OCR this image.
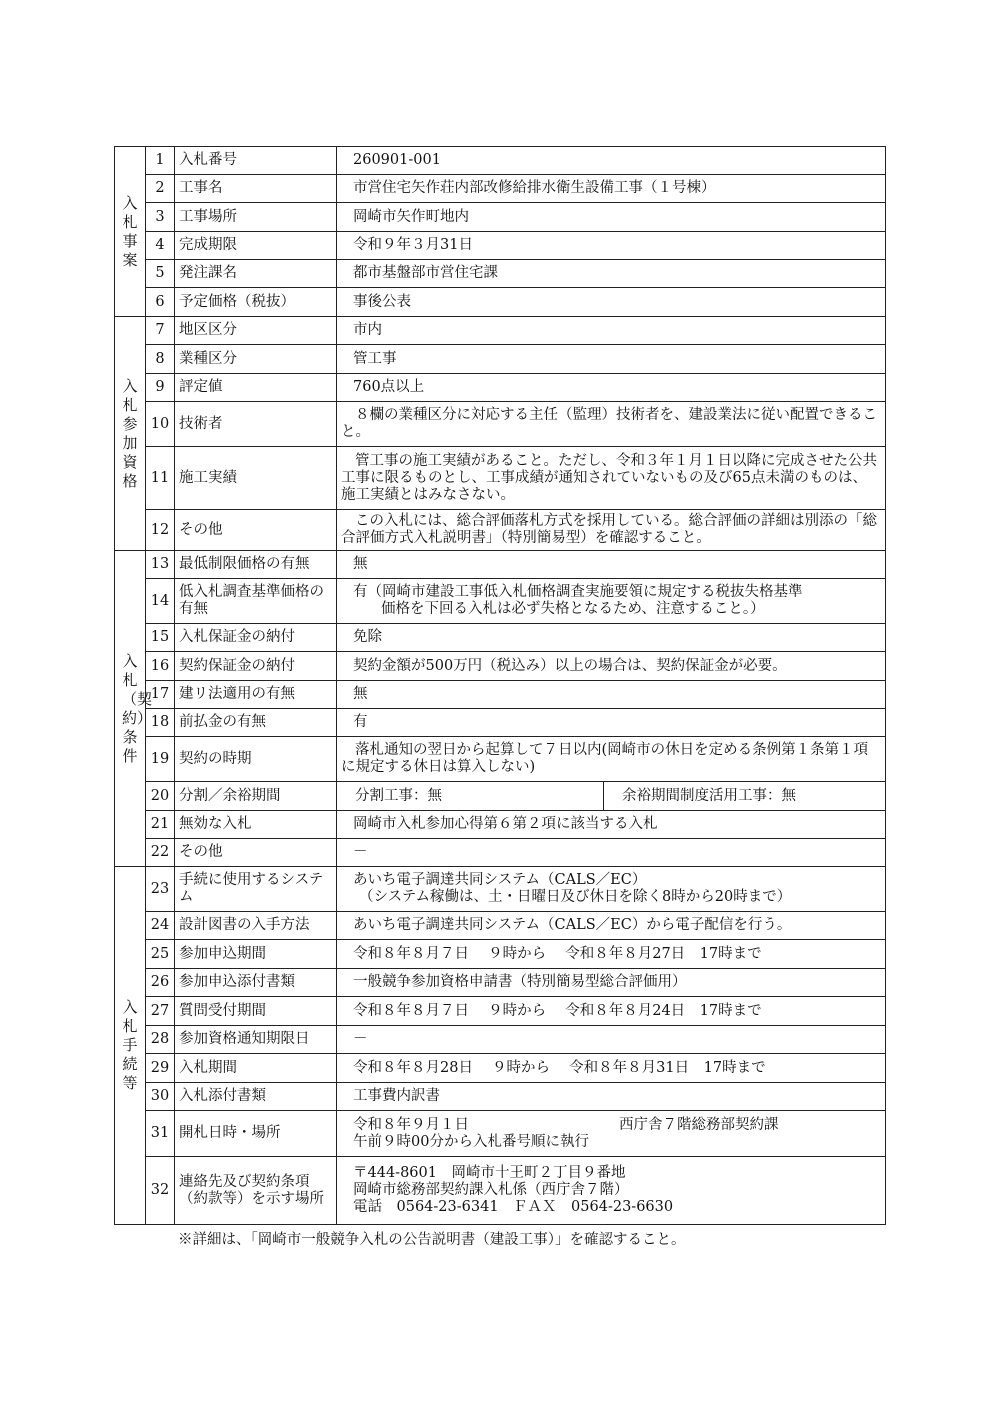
入札事案	1	入札番号	260901-001
	2	工事名	市営住宅矢作荘内部改修給排水衛生設備工事（１号棟）
	3	工事場所	岡崎市矢作町地内
	4	完成期限	令和９年３月31日
	5	発注課名	都市基盤部市営住宅課
	6	予定価格（税抜）	事後公表
入札参加資格	7	地区区分	市内
	8	業種区分	管工事
	9	評定値	760点以上
	10	技術者	８欄の業種区分に対応する主任（監理）技術者を、建設業法に従い配置できること。
	11	施工実績	管工事の施工実績があること。ただし、令和３年１月１日以降に完成させた公共工事に限るものとし、工事成績が通知されていないもの及び65点未満のものは、施工実績とはみなさない。
	12	その他	この入札には、総合評価落札方式を採用している。総合評価の詳細は別添の「総合評価方式入札説明書」（特別簡易型）を確認すること。
入札（契約）条件	13	最低制限価格の有無	無
	14	低入札調査基準価格の有無	有（岡崎市建設工事低入札価格調査実施要領に規定する税抜失格基準
価格を下回る入札は必ず失格となるため、注意すること。）

	15	入札保証金の納付	免除
	16	契約保証金の納付	契約金額が500万円（税込み）以上の場合は、契約保証金が必要。
	17	建リ法適用の有無	無
	18	前払金の有無	有
	19	契約の時期	落札通知の翌日から起算して７日以内(岡崎市の休日を定める条例第１条第１項に規定する休日は算入しない)
	20	分割／余裕期間	分割工事：無 余裕期間制度活用工事：無

	21	無効な入札	岡崎市入札参加心得第６第２項に該当する入札
	22	その他	－
入札手続等	23	手続に使用するシステム	あいち電子調達共同システム（CALS／EC）
（システム稼働は、土・日曜日及び休日を除く8時から20時まで）

	24	設計図書の入手方法	あいち電子調達共同システム（CALS／EC）から電子配信を行う。
	25	参加申込期間	令和８年８月７日　 ９時から　 令和８年８月27日　17時まで
	26	参加申込添付書類	一般競争参加資格申請書（特別簡易型総合評価用）
	27	質問受付期間	令和８年８月７日　 ９時から　 令和８年８月24日　17時まで
	28	参加資格通知期限日	－
	29	入札期間	令和８年８月28日　 ９時から　 令和８年８月31日　17時まで
	30	入札添付書類	工事費内訳書
	31	開札日時・場所	令和８年９月１日 西庁舎７階総務部契約課
午前９時00分から入札番号順に執行

	32	連絡先及び契約条項（約款等）を示す場所	〒444-8601　岡崎市十王町２丁目９番地
岡崎市総務部契約課入札係（西庁舎７階）
電話　0564-23-6341　ＦＡＸ　0564-23-6630
※詳細は、「岡崎市一般競争入札の公告説明書（建設工事）」を確認すること。
